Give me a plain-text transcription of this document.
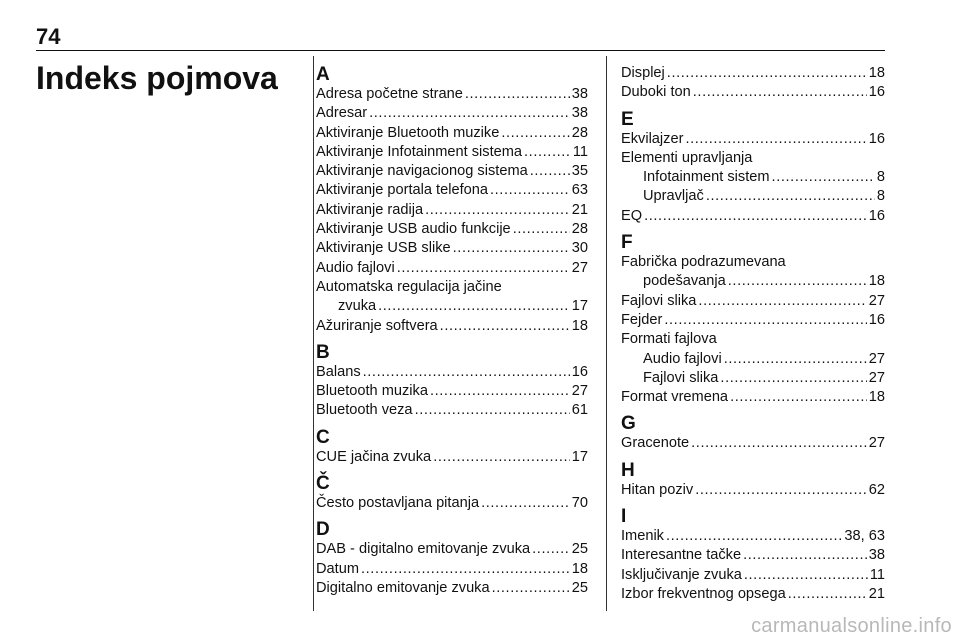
74
Indeks pojmova A
Adresa početne strane .....	38
Adresar .....	38
Aktiviranje Bluetooth muzike .....	28
Aktiviranje Infotainment sistema .....	11
Aktiviranje navigacionog sistema .....	35
Aktiviranje portala telefona .....	63
Aktiviranje radija .....	21
Aktiviranje USB audio funkcije .....	28
Aktiviranje USB slike .....	30
Audio fajlovi .....	27
Automatska regulacija jačine
zvuka .....	17
Ažuriranje softvera .....	18
B
Balans .....	16
Bluetooth muzika .....	27
Bluetooth veza .....	61
C
CUE jačina zvuka .....	17
Č
Često postavljana pitanja .....	70
D
DAB - digitalno emitovanje zvuka .....	25
Datum .....	18
Digitalno emitovanje zvuka .....	25
Displej .....	18
Duboki ton .....	16
E
Ekvilajzer .....	16
Elementi upravljanja
Infotainment sistem .....	8
Upravljač .....	8
EQ .....	16
F
Fabrička podrazumevana
podešavanja .....	18
Fajlovi slika .....	27
Fejder .....	16
Formati fajlova
Audio fajlovi .....	27
Fajlovi slika .....	27
Format vremena .....	18
G
Gracenote .....	27
H
Hitan poziv .....	62
I
Imenik .....	38, 63
Interesantne tačke .....	38
Isključivanje zvuka .....	11
Izbor frekventnog opsega .....	21
carmanualsonline.info
